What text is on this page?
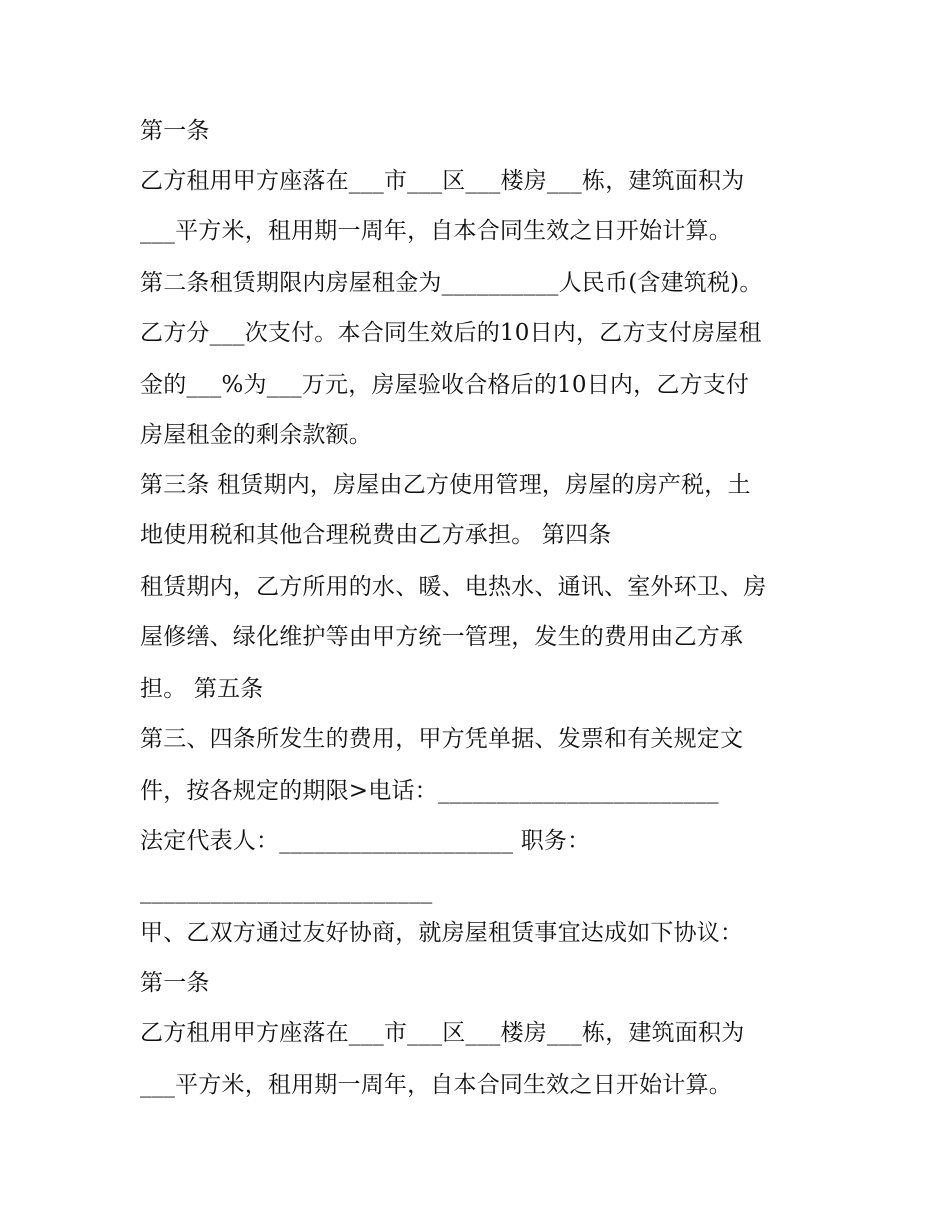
第一条
乙方租用甲方座落在___市___区___楼房___栋，建筑面积为
___平方米，租用期一周年，自本合同生效之日开始计算。
第二条租赁期限内房屋租金为__________人民币(含建筑税)。
乙方分___次支付。本合同生效后的10日内，乙方支付房屋租
金的___%为___万元，房屋验收合格后的10日内，乙方支付
房屋租金的剩余款额。
第三条 租赁期内，房屋由乙方使用管理，房屋的房产税，土
地使用税和其他合理税费由乙方承担。 第四条
租赁期内，乙方所用的水、暖、电热水、通讯、室外环卫、房
屋修缮、绿化维护等由甲方统一管理，发生的费用由乙方承
担。 第五条
第三、四条所发生的费用，甲方凭单据、发票和有关规定文
件，按各规定的期限>电话：________________________
法定代表人：____________________ 职务：
_________________________
甲、乙双方通过友好协商，就房屋租赁事宜达成如下协议：
第一条
乙方租用甲方座落在___市___区___楼房___栋，建筑面积为
___平方米，租用期一周年，自本合同生效之日开始计算。
